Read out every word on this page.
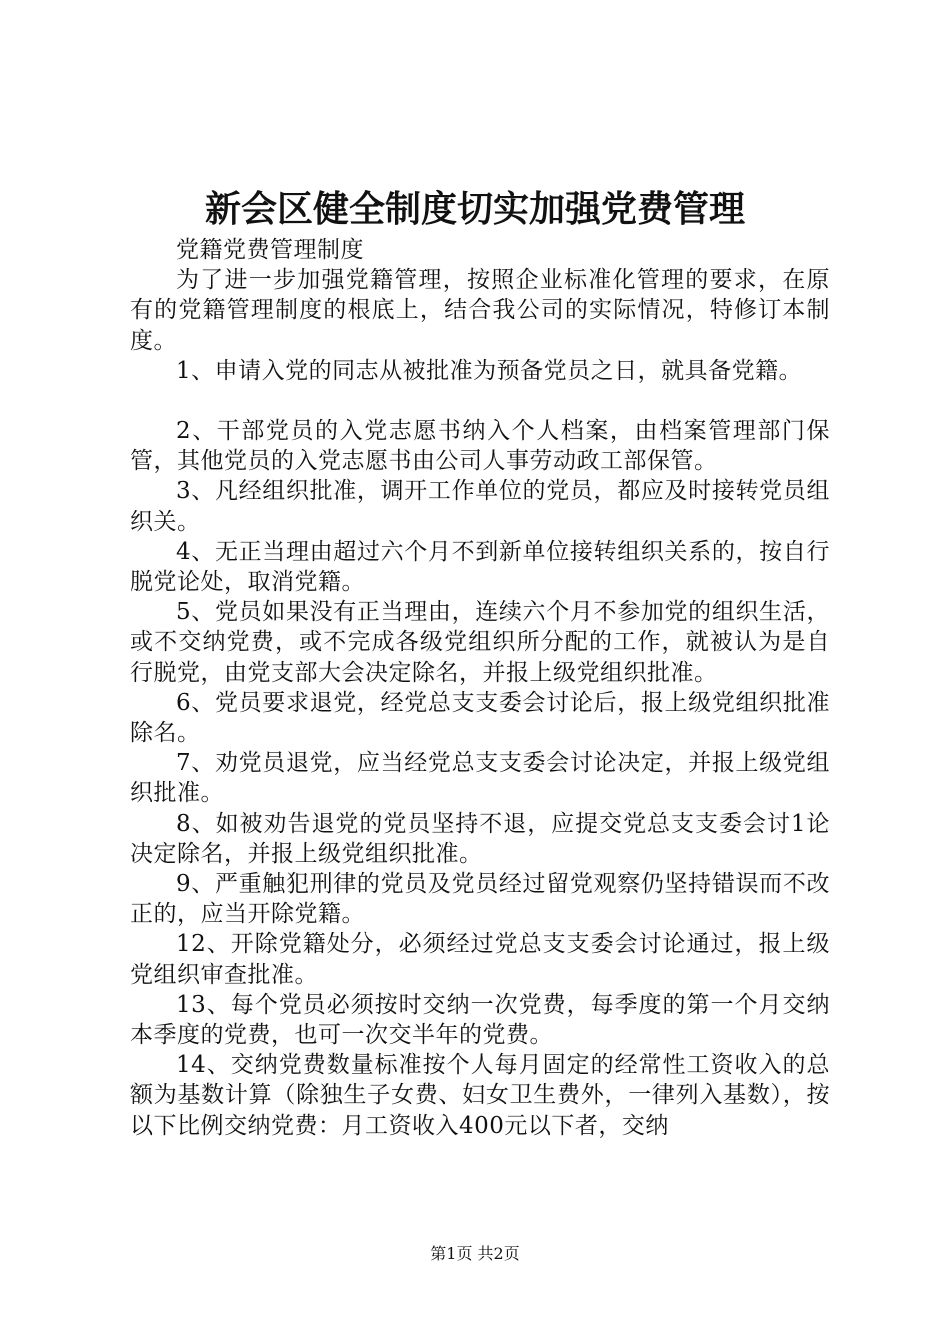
新会区健全制度切实加强党费管理

党籍党费管理制度

为了进一步加强党籍管理，按照企业标准化管理的要求，在原有的党籍管理制度的根底上，结合我公司的实际情况，特修订本制度。

1、申请入党的同志从被批准为预备党员之日，就具备党籍。

2、干部党员的入党志愿书纳入个人档案，由档案管理部门保管，其他党员的入党志愿书由公司人事劳动政工部保管。

3、凡经组织批准，调开工作单位的党员，都应及时接转党员组织关。

4、无正当理由超过六个月不到新单位接转组织关系的，按自行脱党论处，取消党籍。

5、党员如果没有正当理由，连续六个月不参加党的组织生活，或不交纳党费，或不完成各级党组织所分配的工作，就被认为是自行脱党，由党支部大会决定除名，并报上级党组织批准。

6、党员要求退党，经党总支支委会讨论后，报上级党组织批准除名。

7、劝党员退党，应当经党总支支委会讨论决定，并报上级党组织批准。

8、如被劝告退党的党员坚持不退，应提交党总支支委会讨1论决定除名，并报上级党组织批准。

9、严重触犯刑律的党员及党员经过留党观察仍坚持错误而不改正的，应当开除党籍。

12、开除党籍处分，必须经过党总支支委会讨论通过，报上级党组织审查批准。

13、每个党员必须按时交纳一次党费，每季度的第一个月交纳本季度的党费，也可一次交半年的党费。

14、交纳党费数量标准按个人每月固定的经常性工资收入的总额为基数计算（除独生子女费、妇女卫生费外，一律列入基数），按以下比例交纳党费：月工资收入400元以下者，交纳

第1页 共2页
